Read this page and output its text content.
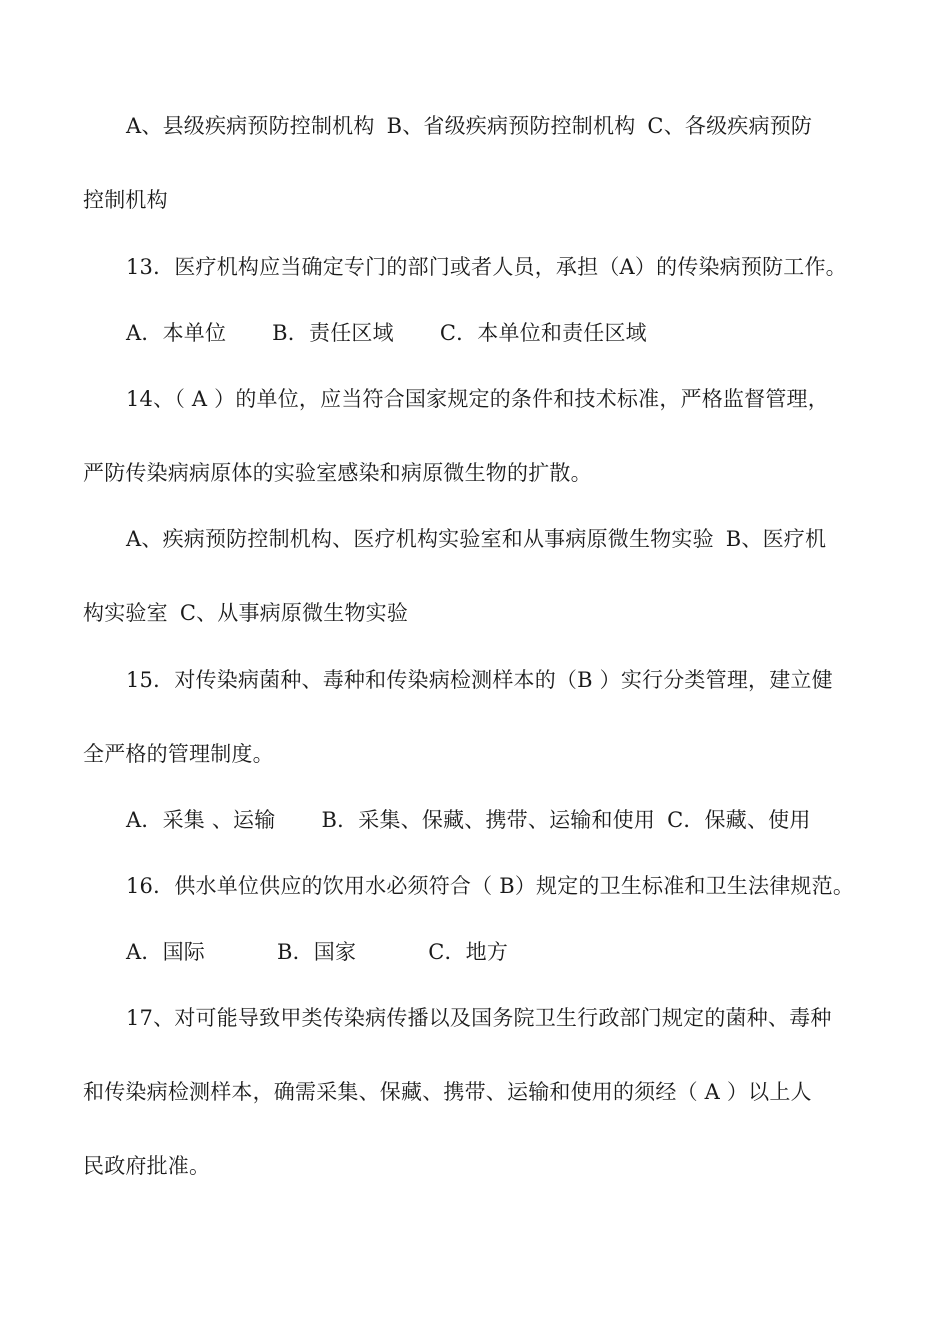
A、县级疾病预防控制机构 B、省级疾病预防控制机构 C、各级疾病预防
控制机构
13．医疗机构应当确定专门的部门或者人员，承担（A）的传染病预防工作。
A．本单位 B．责任区域 C．本单位和责任区域
14、（ A ）的单位，应当符合国家规定的条件和技术标准，严格监督管理，
严防传染病病原体的实验室感染和病原微生物的扩散。
A、疾病预防控制机构、医疗机构实验室和从事病原微生物实验 B、医疗机
构实验室 C、从事病原微生物实验
15．对传染病菌种、毒种和传染病检测样本的（B ）实行分类管理，建立健
全严格的管理制度。
A．采集 、运输 B．采集、保藏、携带、运输和使用 C．保藏、使用
16．供水单位供应的饮用水必须符合（ B）规定的卫生标准和卫生法律规范。
A．国际	B．国家	C．地方
17、对可能导致甲类传染病传播以及国务院卫生行政部门规定的菌种、毒种
和传染病检测样本，确需采集、保藏、携带、运输和使用的须经（ A ）以上人
民政府批准。
